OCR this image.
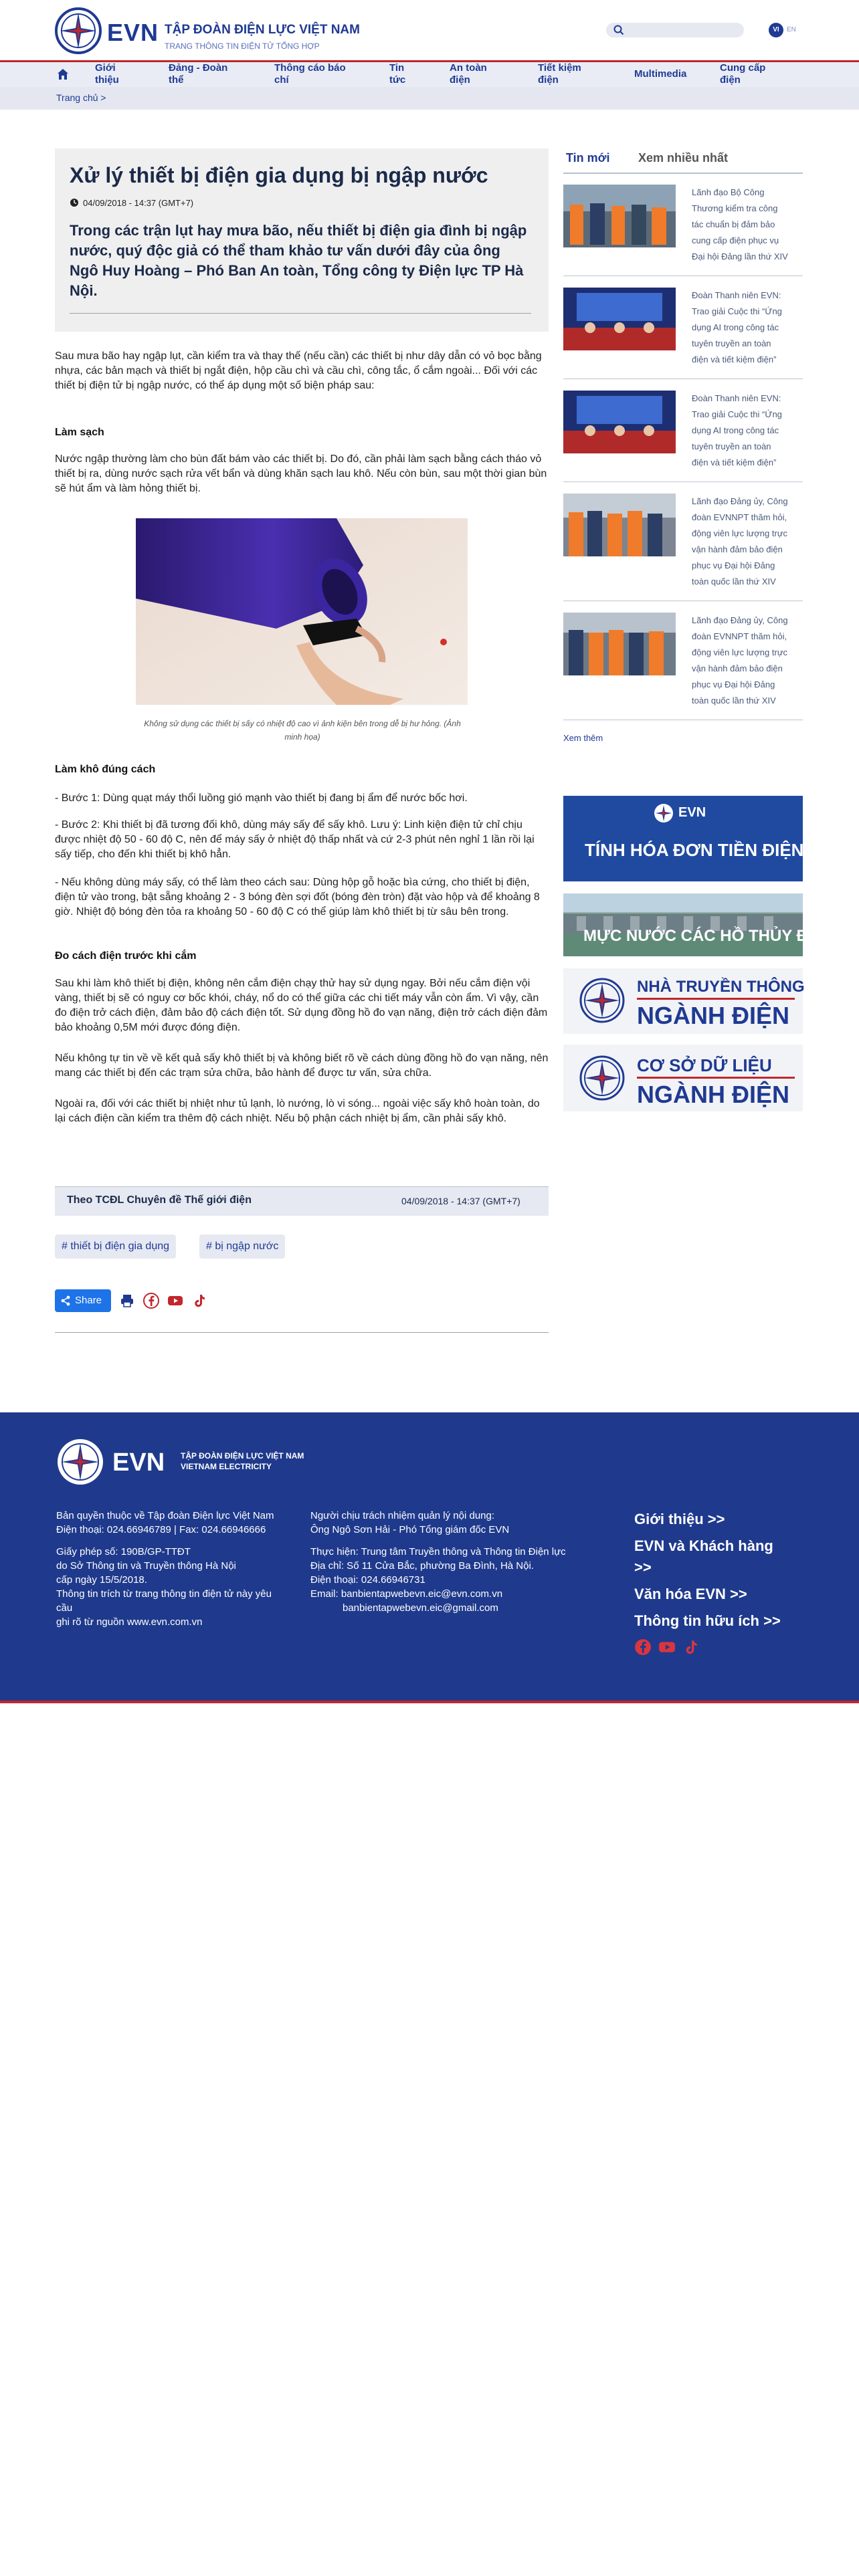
EVN TẬP ĐOÀN ĐIỆN LỰC VIỆT NAM
TRANG THÔNG TIN ĐIỆN TỬ TỔNG HỢP
VI	EN
Giới
thiệu
Đảng - Đoàn
thể
Thông cáo báo
chí
Tin
tức
An toàn
điện
Tiết kiệm
điện
Multimedia
Cung cấp
điện
Trang chủ >
Xử lý thiết bị điện gia dụng bị ngập nước
04/09/2018 - 14:37 (GMT+7)
Trong các trận lụt hay mưa bão, nếu thiết bị điện gia đình bị ngập nước, quý độc giả có thể tham khảo tư vấn dưới đây của ông Ngô Huy Hoàng – Phó Ban An toàn, Tổng công ty Điện lực TP Hà Nội.

Sau mưa bão hay ngập lụt, cần kiểm tra và thay thế (nếu cần) các thiết bị như dây dẫn có vỏ bọc bằng nhựa, các bản mạch và thiết bị ngắt điện, hộp cầu chì và cầu chì, công tắc, ổ cắm ngoài... Đối với các thiết bị điện tử bị ngập nước, có thể áp dụng một số biện pháp sau:

Làm sạch

Nước ngập thường làm cho bùn đất bám vào các thiết bị. Do đó, cần phải làm sạch bằng cách tháo vỏ thiết bị ra, dùng nước sạch rửa vết bẩn và dùng khăn sạch lau khô. Nếu còn bùn, sau một thời gian bùn sẽ hút ẩm và làm hỏng thiết bị.

Không sử dụng các thiết bị sấy có nhiệt độ cao vì ảnh kiện bên trong dễ bị hư hỏng. (Ảnh minh họa)
Làm khô đúng cách

- Bước 1: Dùng quạt máy thổi luồng gió mạnh vào thiết bị đang bị ẩm để nước bốc hơi.

- Bước 2: Khi thiết bị đã tương đối khô, dùng máy sấy để sấy khô. Lưu ý: Linh kiện điện tử chỉ chịu được nhiệt độ 50 - 60 độ C, nên để máy sấy ở nhiệt độ thấp nhất và cứ 2-3 phút nên nghỉ 1 lần rồi lại sấy tiếp, cho đến khi thiết bị khô hẳn.

- Nếu không dùng máy sấy, có thể làm theo cách sau: Dùng hộp gỗ hoặc bìa cứng, cho thiết bị điện, điện tử vào trong, bật sẵng khoảng 2 - 3 bóng đèn sợi đốt (bóng đèn tròn) đặt vào hộp và để khoảng 8 giờ. Nhiệt độ bóng đèn tỏa ra khoảng 50 - 60 độ C có thể giúp làm khô thiết bị từ sâu bên trong.

Đo cách điện trước khi cắm

Sau khi làm khô thiết bị điện, không nên cắm điện chạy thử hay sử dụng ngay. Bởi nếu cắm điện vội vàng, thiết bị sẽ có nguy cơ bốc khói, cháy, nổ do có thể giữa các chi tiết máy vẫn còn ẩm. Vì vậy, cần đo điện trở cách điện, đảm bảo độ cách điện tốt. Sử dụng đồng hồ đo vạn năng, điện trở cách điện đảm bảo khoảng 0,5M mới được đóng điện.

Nếu không tự tin về về kết quả sấy khô thiết bị và không biết rõ về cách dùng đồng hồ đo vạn năng, nên mang các thiết bị đến các trạm sửa chữa, bảo hành để được tư vấn, sửa chữa.

Ngoài ra, đối với các thiết bị nhiệt như tủ lạnh, lò nướng, lò vi sóng... ngoài việc sấy khô hoàn toàn, do lại cách điện cần kiểm tra thêm độ cách nhiệt. Nếu bộ phận cách nhiệt bị ẩm, cần phải sấy khô.

Theo TCĐL Chuyên đề Thế giới điện	04/09/2018 - 14:37 (GMT+7)
# thiết bị điện gia dụng	# bị ngập nước
Share
Tin mới Xem nhiều nhất
Lãnh đạo Bộ Công
Thương kiểm tra công
tác chuẩn bị đảm bảo
cung cấp điện phục vụ
Đại hội Đảng lần thứ XIV
Đoàn Thanh niên EVN:
Trao giải Cuộc thi “Ứng
dụng AI trong công tác
tuyên truyền an toàn
điện và tiết kiệm điện”
Đoàn Thanh niên EVN:
Trao giải Cuộc thi “Ứng
dụng AI trong công tác
tuyên truyền an toàn
điện và tiết kiệm điện”
Lãnh đạo Đảng ủy, Công
đoàn EVNNPT thăm hỏi,
động viên lực lượng trực
vận hành đảm bảo điện
phục vụ Đại hội Đảng
toàn quốc lần thứ XIV
Lãnh đạo Đảng ủy, Công
đoàn EVNNPT thăm hỏi,
động viên lực lượng trực
vận hành đảm bảo điện
phục vụ Đại hội Đảng
toàn quốc lần thứ XIV
Xem thêm
EVN
TÍNH HÓA ĐƠN TIỀN ĐIỆN
MỰC NƯỚC CÁC HỒ THỦY ĐIỆN
NHÀ TRUYỀN THÔNG
NGÀNH ĐIỆN
CƠ SỞ DỮ LIỆU
NGÀNH ĐIỆN
EVN TẬP ĐOÀN ĐIỆN LỰC VIỆT NAM
VIETNAM ELECTRICITY
Bản quyền thuộc về Tập đoàn Điện lực Việt Nam
Điện thoại: 024.66946789 | Fax: 024.66946666
Giấy phép số: 190B/GP-TTĐT
do Sở Thông tin và Truyền thông Hà Nội
cấp ngày 15/5/2018.
Thông tin trích từ trang thông tin điện tử này yêu
cầu
ghi rõ từ nguồn www.evn.com.vn
Người chịu trách nhiệm quản lý nội dung:
Ông Ngô Sơn Hải - Phó Tổng giám đốc EVN
Thực hiện: Trung tâm Truyền thông và Thông tin Điện lực
Địa chỉ: Số 11 Cửa Bắc, phường Ba Đình, Hà Nội.
Điện thoại: 024.66946731
Email: banbientapwebevn.eic@evn.com.vn
banbientapwebevn.eic@gmail.com
Giới thiệu >>
EVN và Khách hàng
>>
Văn hóa EVN >>
Thông tin hữu ích >>
